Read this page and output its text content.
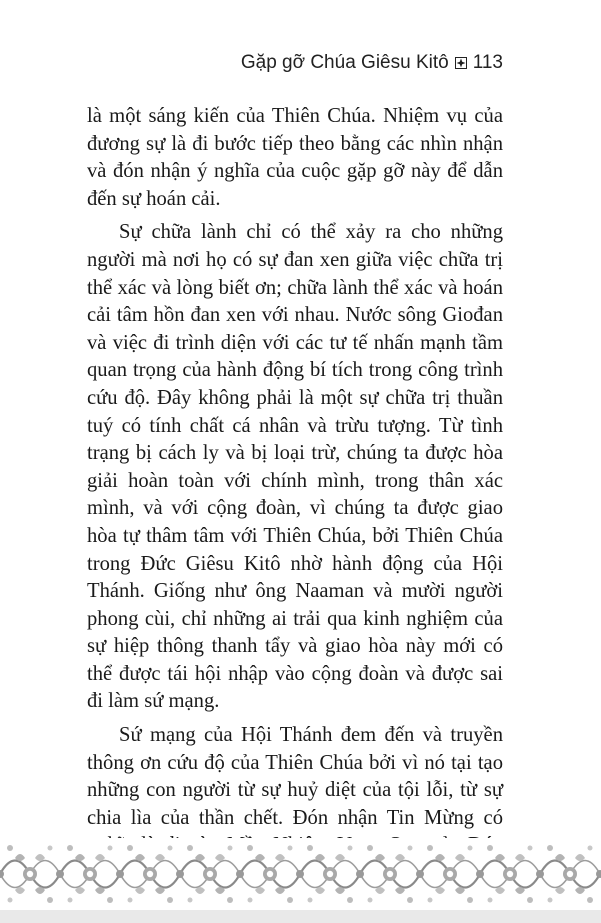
Gặp gỡ Chúa Giêsu Kitô 113

là một sáng kiến của Thiên Chúa. Nhiệm vụ của đương sự là đi bước tiếp theo bằng các nhìn nhận và đón nhận ý nghĩa của cuộc gặp gỡ này để dẫn đến sự hoán cải.

Sự chữa lành chỉ có thể xảy ra cho những người mà nơi họ có sự đan xen giữa việc chữa trị thể xác và lòng biết ơn; chữa lành thể xác và hoán cải tâm hồn đan xen với nhau. Nước sông Giođan và việc đi trình diện với các tư tế nhấn mạnh tầm quan trọng của hành động bí tích trong công trình cứu độ. Đây không phải là một sự chữa trị thuần tuý có tính chất cá nhân và trừu tượng. Từ tình trạng bị cách ly và bị loại trừ, chúng ta được hòa giải hoàn toàn với chính mình, trong thân xác mình, và với cộng đoàn, vì chúng ta được giao hòa tự thâm tâm với Thiên Chúa, bởi Thiên Chúa trong Đức Giêsu Kitô nhờ hành động của Hội Thánh. Giống như ông Naaman và mười người phong cùi, chỉ những ai trải qua kinh nghiệm của sự hiệp thông thanh tẩy và giao hòa này mới có thể được tái hội nhập vào cộng đoàn và được sai đi làm sứ mạng.

Sứ mạng của Hội Thánh đem đến và truyền thông ơn cứu độ của Thiên Chúa bởi vì nó tại tạo những con người từ sự huỷ diệt của tội lỗi, từ sự chia lìa của thần chết. Đón nhận Tin Mừng có
